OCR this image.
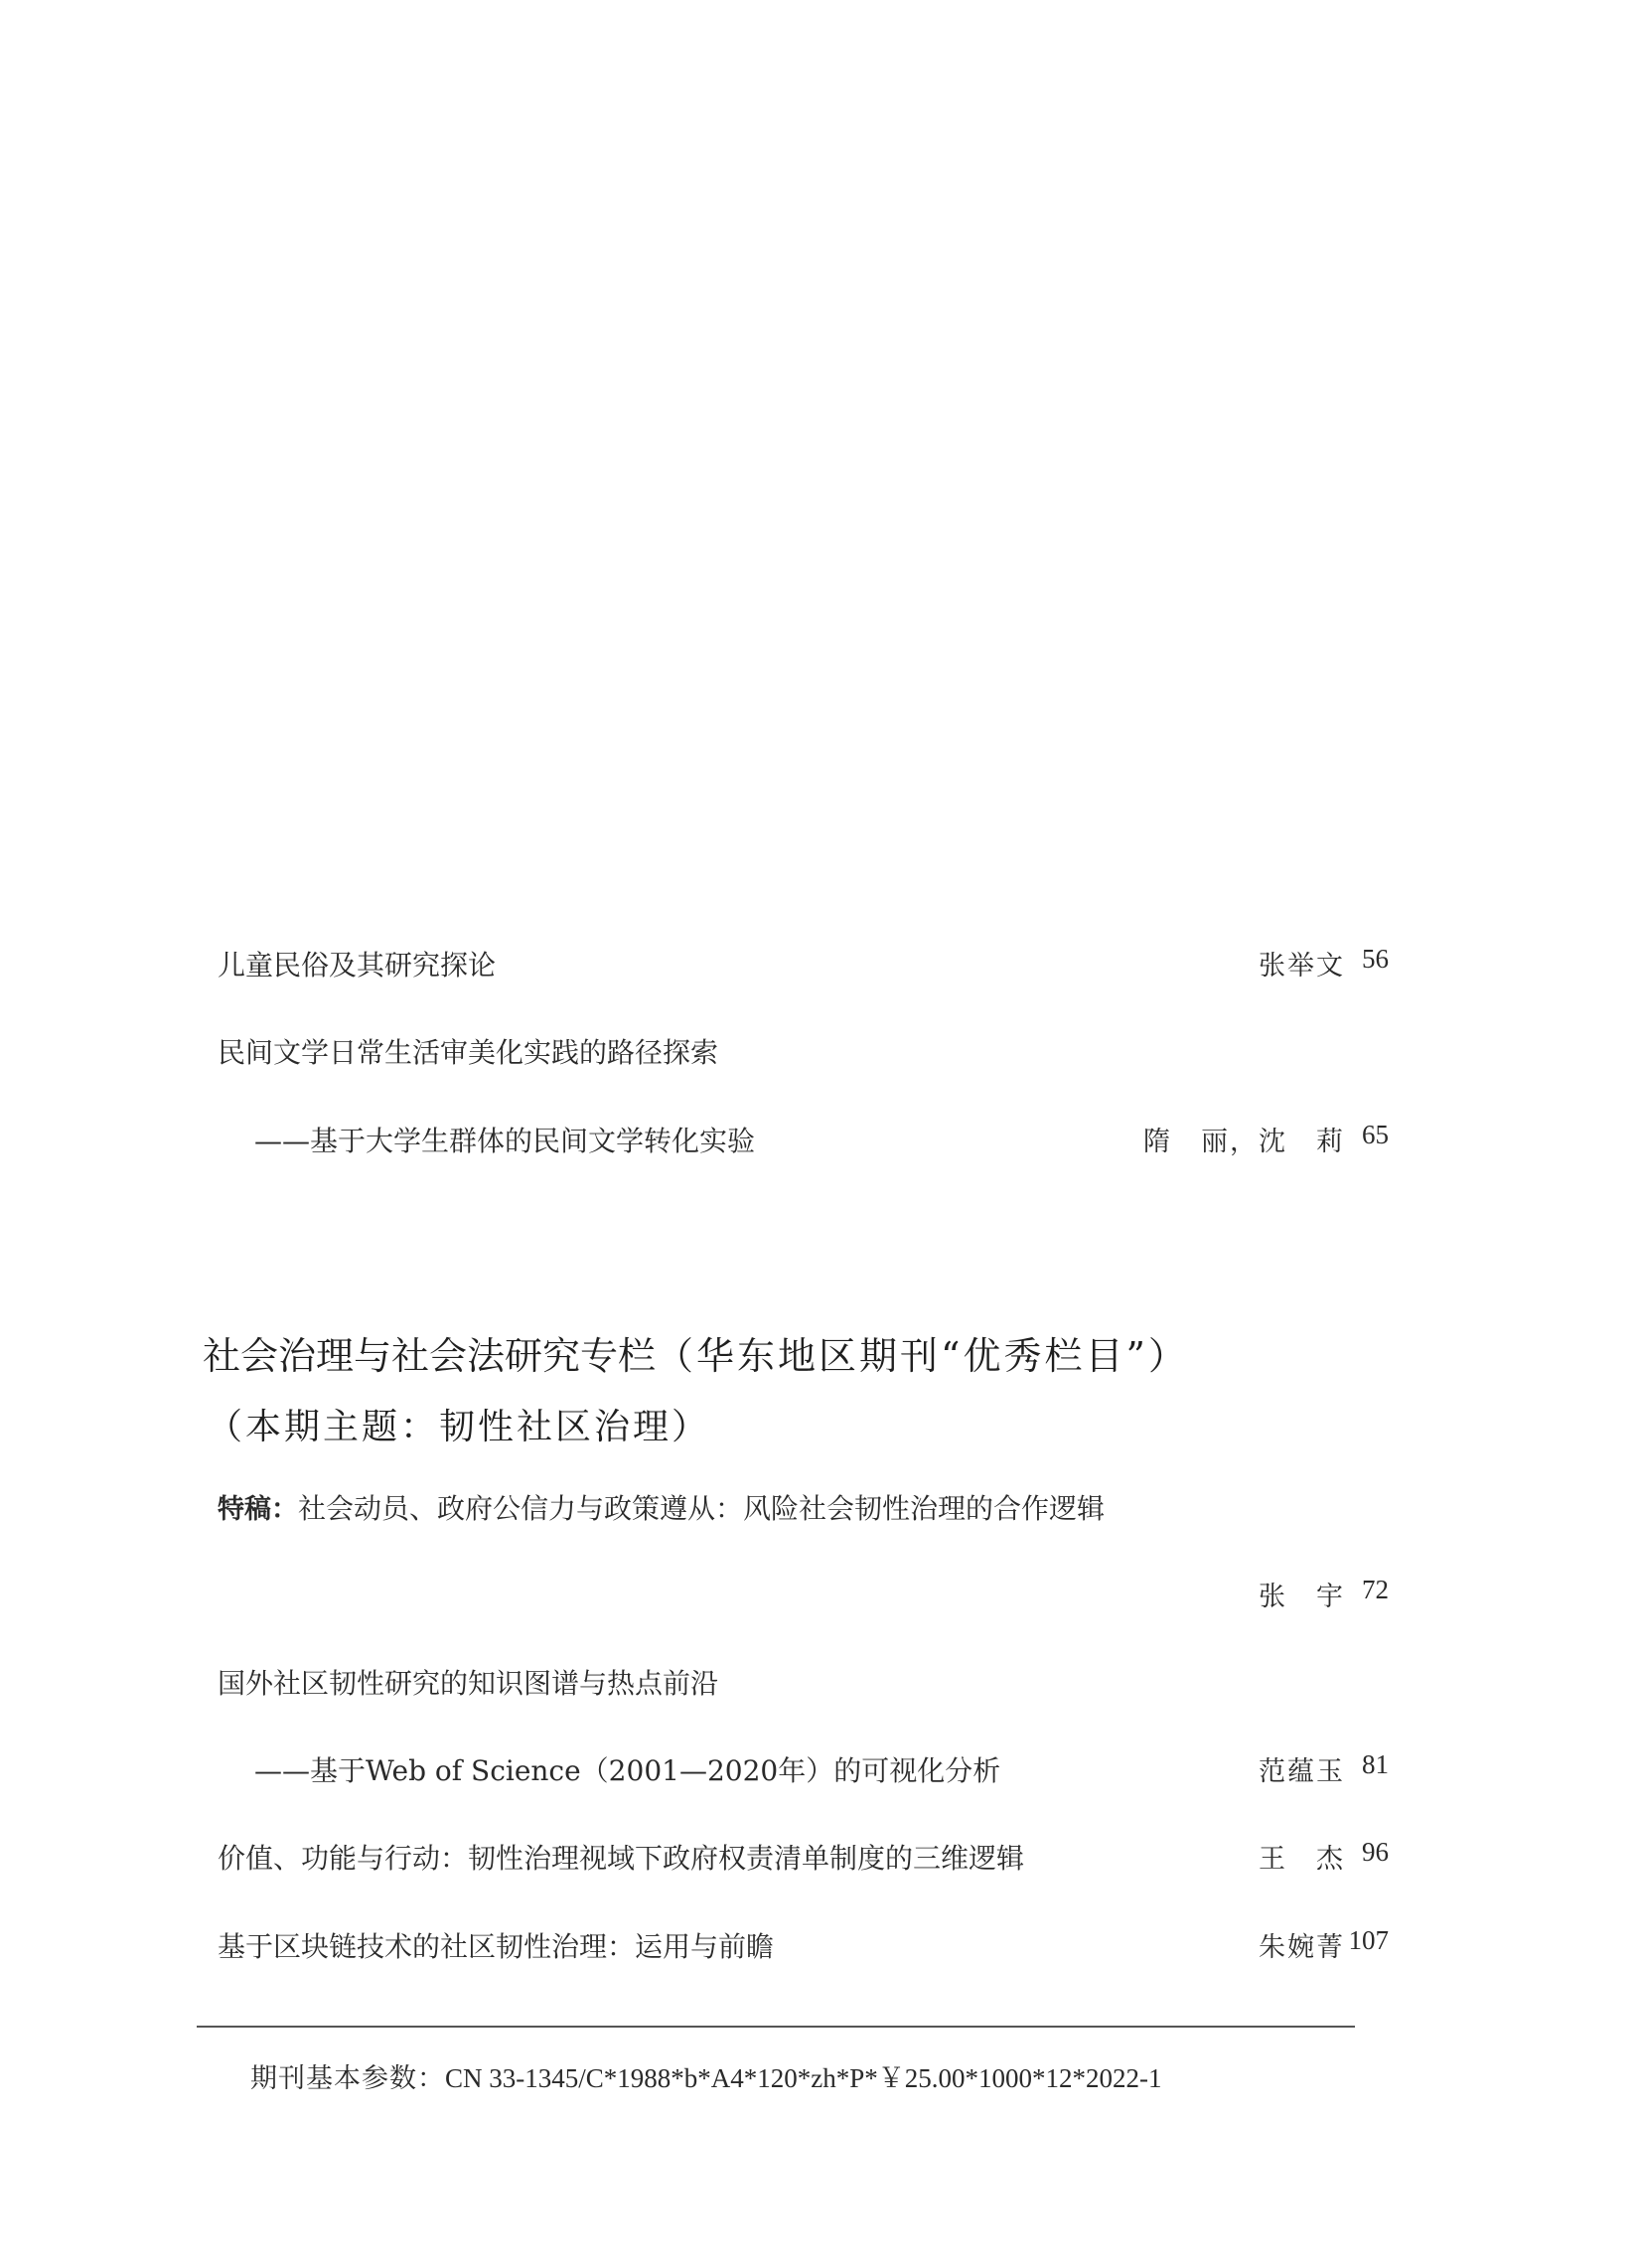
儿童民俗及其研究探论	张举文 56
民间文学日常生活审美化实践的路径探索
——基于大学生群体的民间文学转化实验	隋　丽，沈　莉 65
社会治理与社会法研究专栏（华东地区期刊“优秀栏目”）
（本期主题：韧性社区治理）
特稿：社会动员、政府公信力与政策遵从：风险社会韧性治理的合作逻辑
张　宇 72
国外社区韧性研究的知识图谱与热点前沿
——基于Web of Science（2001—2020年）的可视化分析	范蕴玉 81
价值、功能与行动：韧性治理视域下政府权责清单制度的三维逻辑	王　杰 96
基于区块链技术的社区韧性治理：运用与前瞻	朱婉菁 107
期刊基本参数：CN 33-1345/C*1988*b*A4*120*zh*P*￥25.00*1000*12*2022-1
